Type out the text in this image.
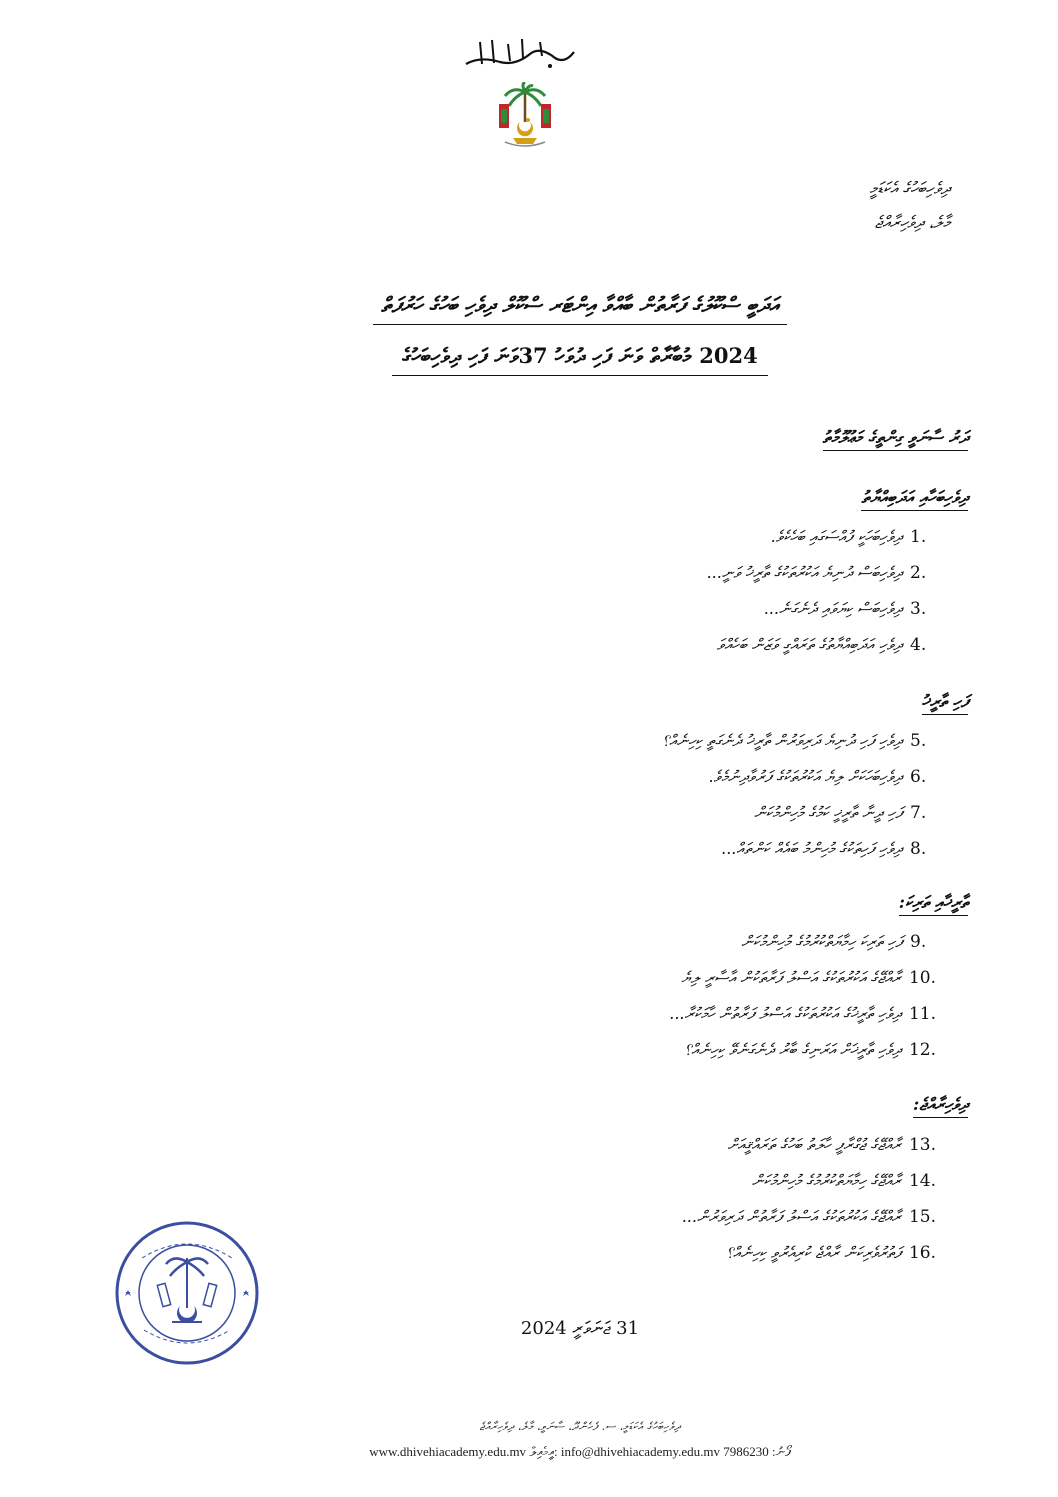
ދިވެހިބަހުގެ އެކަޑަމީ
މާލެ، ދިވެހިރާއްޖެ
އަދަބީ ސްކޫލުގެ ފަރާތުން ބާއްވާ އިންޓަރ ސްކޫލް ދިވެހި ބަހުގެ ހަރުފަތް
2024 މުބާރާތް ވަނަ ފަހި ދުވަހު 37ވަނަ ފަހި ދިވެހިބަހުގެ
ދަރު ސާނަވީ ގިންތީގެ މަޢުލޫމާތު
ދިވެހިބަހާއި އަދަބިއްޔާތު
1.
ދިވެހިބަހަކީ ފުއްސަގައި ބަހެކެވެ.
2.
ދިވެހިބަސް ދުނިޔެ އަކުރުތަކުގެ ތާރީޚު ވަނީ...
3.
ދިވެހިބަސް ކިޔަވައި ދެނެގަނެ...
4.
ދިވެހި އަދަބިއްޔާތުގެ ތަރައްގީ ވަޒަން ބަހެއްވަ
ފަހި ތާރީޚު
5.
ދިވެހި ފަހި ދުނިޔެ ދަރިވަރުން ތާރީޚު ދެނެގަތީ ކިހިނެއް؟
6.
ދިވެހިބަހަކަށް ލިޔެ އަކުރުތަކުގެ ފަރުވާދިނުމެވެ.
7.
ފަހި ދީނާ ތާރީޚީ ކަމުގެ މުހިންމުކަން
8.
ދިވެހި ފަހިތަކުގެ މުހިންމު ބައެއް ކަންތައް...
ތާރީޚާއި ތަރިކަ:
9.
ފަހި ތަރިކަ ހިމާޔަތްކުރުމުގެ މުހިންމުކަން
10.
ރާއްޖޭގެ އަކުރުތަކުގެ އަސްލު ފަރާތަކުން އާސާރީ ލިޔެ
11.
ދިވެހި ތާރީޚުގެ އަކުރުތަކުގެ އަސްލު ފަރާތުން ހާމަކުރާ...
12.
ދިވެހި ތާރީޚަށް އަރަނިގެ ބާރު ދެނެގަނެވޭ ކިހިނެއް؟
ދިވެހިރާއްޖެ:
13.
ރާއްޖޭގެ ޖުގްރާފީ ހާލަތު ބަހުގެ ތަރައްޤީއަށް
14.
ރާއްޖޭގެ ހިމާޔަތްކުރުމުގެ މުހިންމުކަން
15.
ރާއްޖޭގެ އަކުރުތަކުގެ އަސްލު ފަރާތުން ދަރިވަރުން...
16.
ފަތުރުވެރިކަން ރާއްޖެ ކުރިއެރުވީ ކިހިނެއް؟
2024 ޖަނަވަރީ 31
ދިވެހިބަހުގެ އެކަޑަމީ، ސ. ފެހެންދޫ، ސާނަވީ، މާލެ، ދިވެހިރާއްޖެ
www.dhivehiacademy.edu.mv އީމެއިލް: info@dhivehiacademy.edu.mv ފޯނު: 7986230
